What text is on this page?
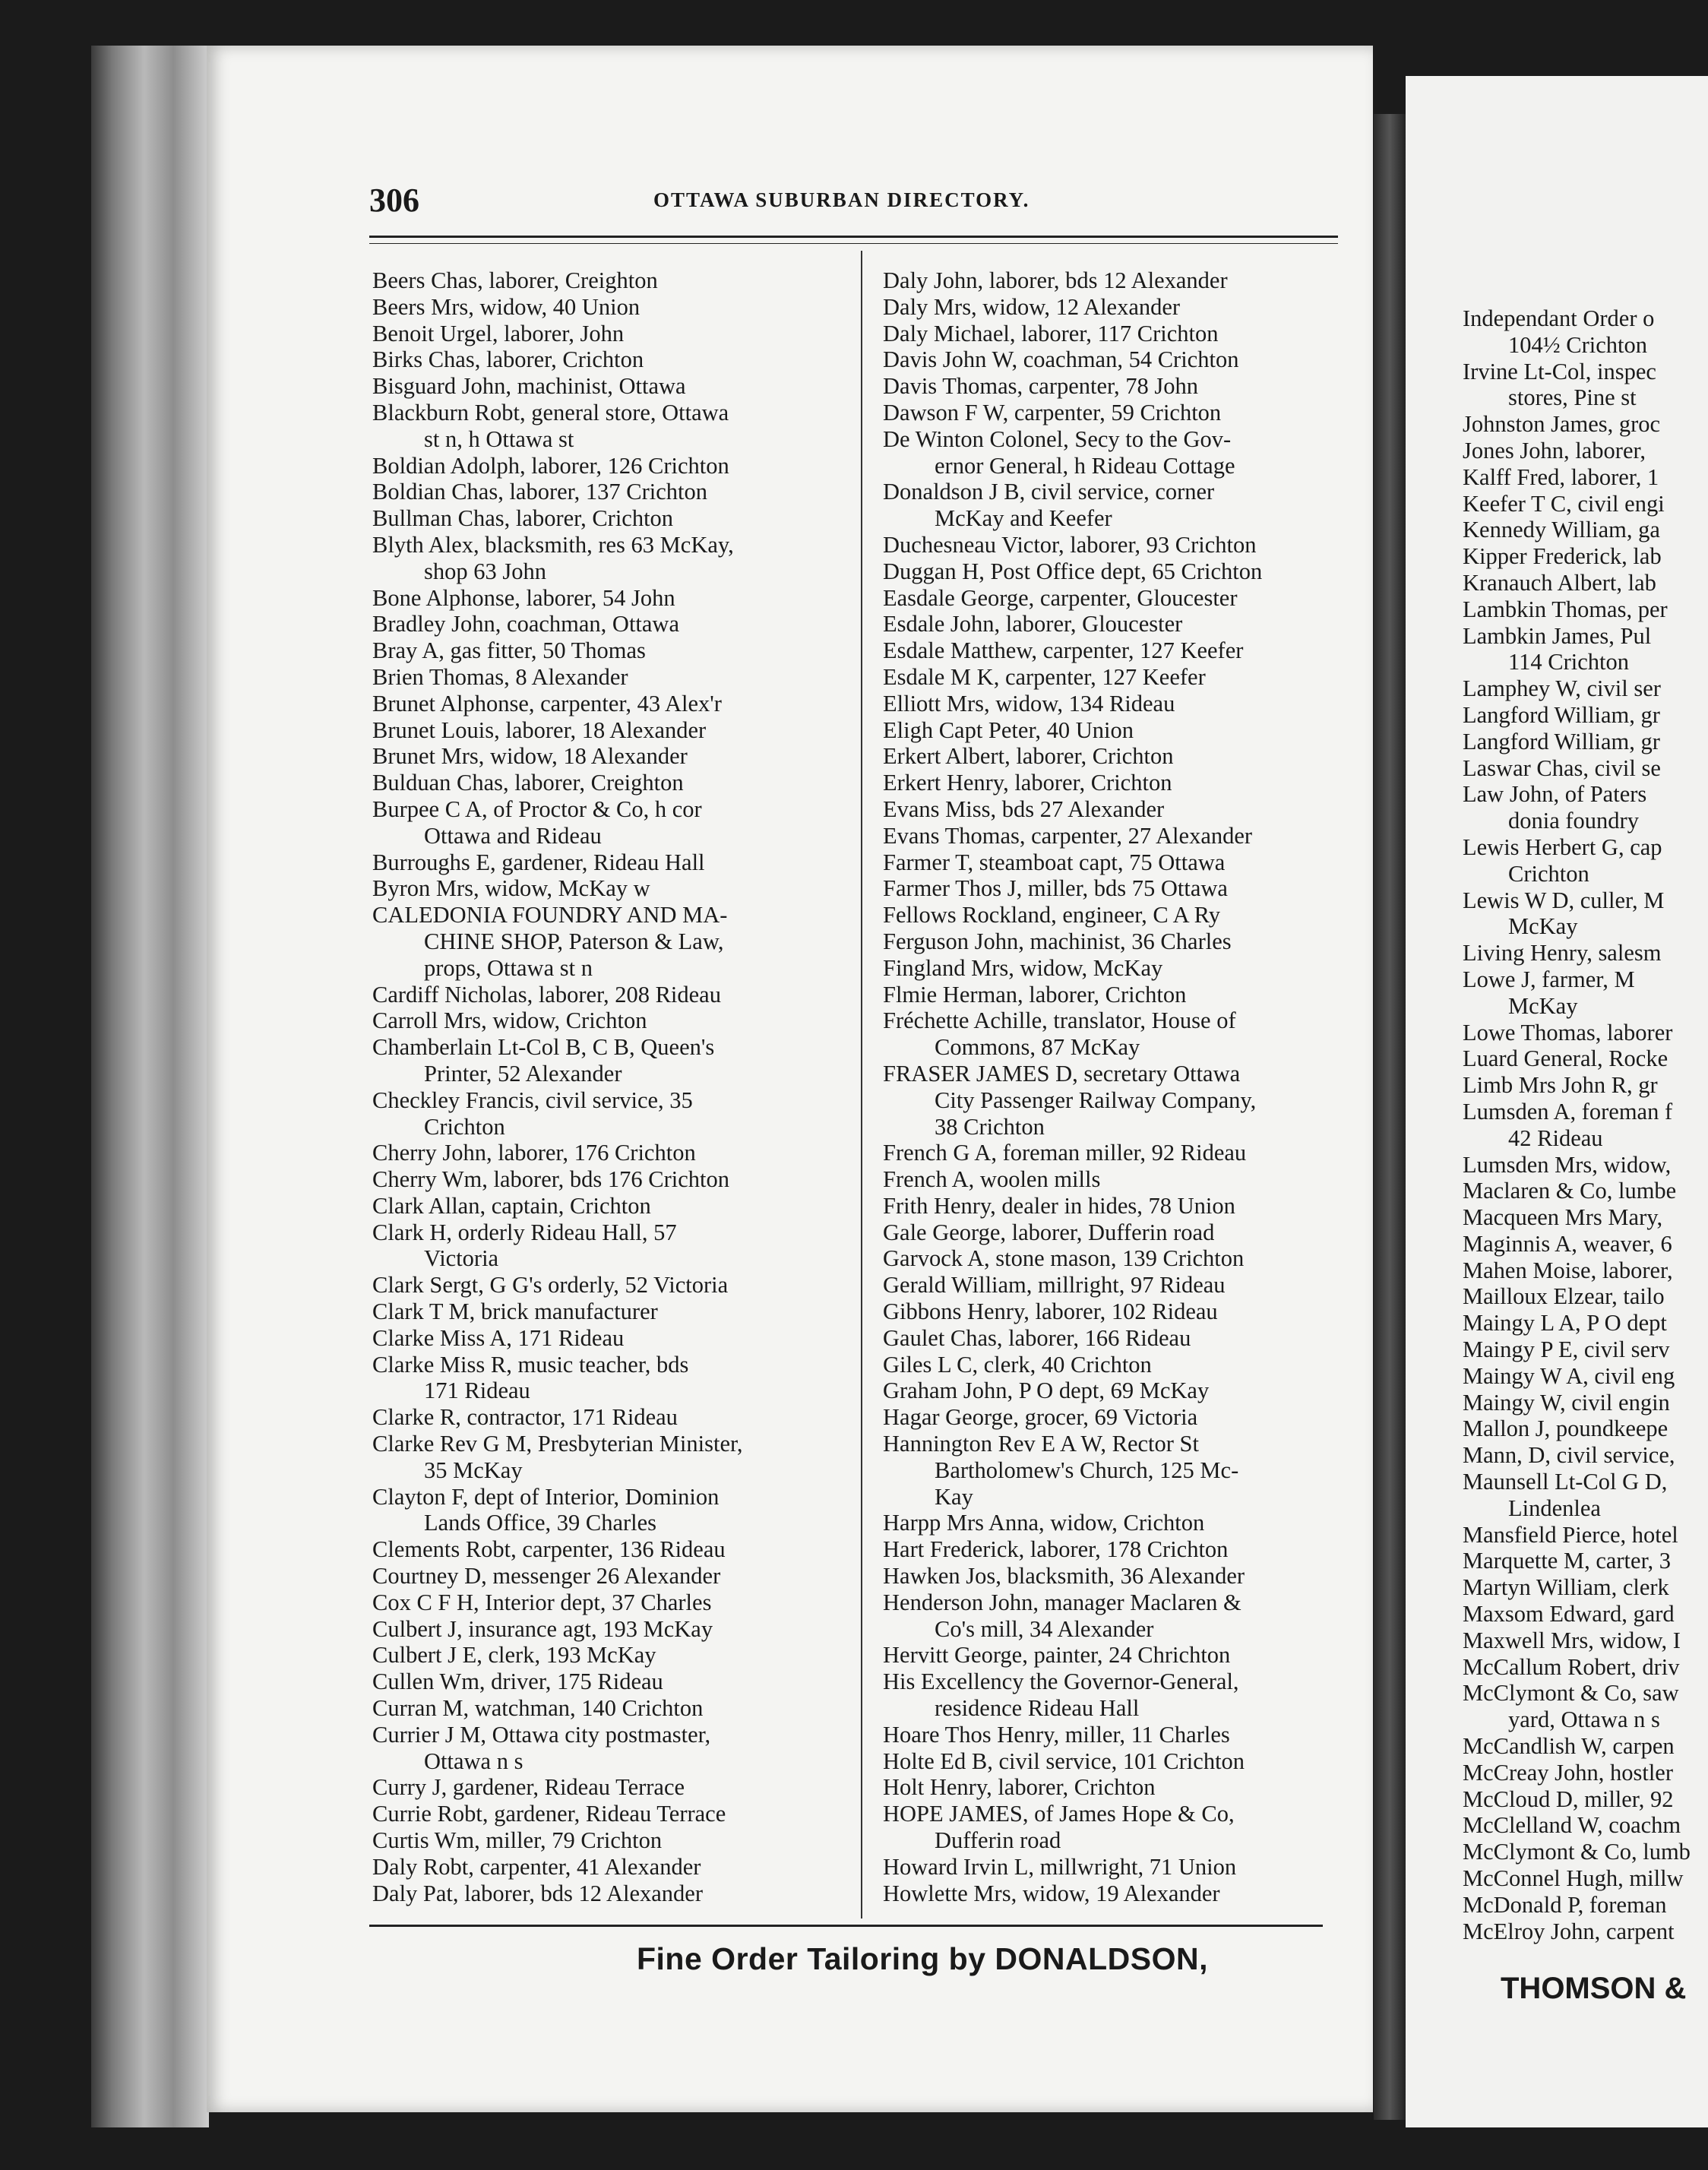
306	OTTAWA SUBURBAN DIRECTORY.
Beers Chas, laborer, Creighton
Beers Mrs, widow, 40 Union
Benoit Urgel, laborer, John
Birks Chas, laborer, Crichton
Bisguard John, machinist, Ottawa
Blackburn Robt, general store, Ottawa
st n, h Ottawa st
Boldian Adolph, laborer, 126 Crichton
Boldian Chas, laborer, 137 Crichton
Bullman Chas, laborer, Crichton
Blyth Alex, blacksmith, res 63 McKay,
shop 63 John
Bone Alphonse, laborer, 54 John
Bradley John, coachman, Ottawa
Bray A, gas fitter, 50 Thomas
Brien Thomas, 8 Alexander
Brunet Alphonse, carpenter, 43 Alex'r
Brunet Louis, laborer, 18 Alexander
Brunet Mrs, widow, 18 Alexander
Bulduan Chas, laborer, Creighton
Burpee C A, of Proctor & Co, h cor
Ottawa and Rideau
Burroughs E, gardener, Rideau Hall
Byron Mrs, widow, McKay w
CALEDONIA FOUNDRY AND MA-
CHINE SHOP, Paterson & Law,
props, Ottawa st n
Cardiff Nicholas, laborer, 208 Rideau
Carroll Mrs, widow, Crichton
Chamberlain Lt-Col B, C B, Queen's
Printer, 52 Alexander
Checkley Francis, civil service, 35
Crichton
Cherry John, laborer, 176 Crichton
Cherry Wm, laborer, bds 176 Crichton
Clark Allan, captain, Crichton
Clark H, orderly Rideau Hall, 57
Victoria
Clark Sergt, G G's orderly, 52 Victoria
Clark T M, brick manufacturer
Clarke Miss A, 171 Rideau
Clarke Miss R, music teacher, bds
171 Rideau
Clarke R, contractor, 171 Rideau
Clarke Rev G M, Presbyterian Minister,
35 McKay
Clayton F, dept of Interior, Dominion
Lands Office, 39 Charles
Clements Robt, carpenter, 136 Rideau
Courtney D, messenger 26 Alexander
Cox C F H, Interior dept, 37 Charles
Culbert J, insurance agt, 193 McKay
Culbert J E, clerk, 193 McKay
Cullen Wm, driver, 175 Rideau
Curran M, watchman, 140 Crichton
Currier J M, Ottawa city postmaster,
Ottawa n s
Curry J, gardener, Rideau Terrace
Currie Robt, gardener, Rideau Terrace
Curtis Wm, miller, 79 Crichton
Daly Robt, carpenter, 41 Alexander
Daly Pat, laborer, bds 12 Alexander
Daly John, laborer, bds 12 Alexander
Daly Mrs, widow, 12 Alexander
Daly Michael, laborer, 117 Crichton
Davis John W, coachman, 54 Crichton
Davis Thomas, carpenter, 78 John
Dawson F W, carpenter, 59 Crichton
De Winton Colonel, Secy to the Gov-
ernor General, h Rideau Cottage
Donaldson J B, civil service, corner
McKay and Keefer
Duchesneau Victor, laborer, 93 Crichton
Duggan H, Post Office dept, 65 Crichton
Easdale George, carpenter, Gloucester
Esdale John, laborer, Gloucester
Esdale Matthew, carpenter, 127 Keefer
Esdale M K, carpenter, 127 Keefer
Elliott Mrs, widow, 134 Rideau
Eligh Capt Peter, 40 Union
Erkert Albert, laborer, Crichton
Erkert Henry, laborer, Crichton
Evans Miss, bds 27 Alexander
Evans Thomas, carpenter, 27 Alexander
Farmer T, steamboat capt, 75 Ottawa
Farmer Thos J, miller, bds 75 Ottawa
Fellows Rockland, engineer, C A Ry
Ferguson John, machinist, 36 Charles
Fingland Mrs, widow, McKay
Flmie Herman, laborer, Crichton
Fréchette Achille, translator, House of
Commons, 87 McKay
FRASER JAMES D, secretary Ottawa
City Passenger Railway Company,
38 Crichton
French G A, foreman miller, 92 Rideau
French A, woolen mills
Frith Henry, dealer in hides, 78 Union
Gale George, laborer, Dufferin road
Garvock A, stone mason, 139 Crichton
Gerald William, millright, 97 Rideau
Gibbons Henry, laborer, 102 Rideau
Gaulet Chas, laborer, 166 Rideau
Giles L C, clerk, 40 Crichton
Graham John, P O dept, 69 McKay
Hagar George, grocer, 69 Victoria
Hannington Rev E A W, Rector St
Bartholomew's Church, 125 Mc-
Kay
Harpp Mrs Anna, widow, Crichton
Hart Frederick, laborer, 178 Crichton
Hawken Jos, blacksmith, 36 Alexander
Henderson John, manager Maclaren &
Co's mill, 34 Alexander
Hervitt George, painter, 24 Chrichton
His Excellency the Governor-General,
residence Rideau Hall
Hoare Thos Henry, miller, 11 Charles
Holte Ed B, civil service, 101 Crichton
Holt Henry, laborer, Crichton
HOPE JAMES, of James Hope & Co,
Dufferin road
Howard Irvin L, millwright, 71 Union
Howlette Mrs, widow, 19 Alexander
Fine Order Tailoring by DONALDSON,
Independant Order o
104½ Crichton
Irvine Lt-Col, inspec
stores, Pine st
Johnston James, groc
Jones John, laborer,
Kalff Fred, laborer, 1
Keefer T C, civil engi
Kennedy William, ga
Kipper Frederick, lab
Kranauch Albert, lab
Lambkin Thomas, per
Lambkin James, Pul
114 Crichton
Lamphey W, civil ser
Langford William, gr
Langford William, gr
Laswar Chas, civil se
Law John, of Paters
donia foundry
Lewis Herbert G, cap
Crichton
Lewis W D, culler, M
McKay
Living Henry, salesm
Lowe J, farmer, M
McKay
Lowe Thomas, laborer
Luard General, Rocke
Limb Mrs John R, gr
Lumsden A, foreman f
42 Rideau
Lumsden Mrs, widow,
Maclaren & Co, lumbe
Macqueen Mrs Mary,
Maginnis A, weaver, 6
Mahen Moise, laborer,
Mailloux Elzear, tailo
Maingy L A, P O dept
Maingy P E, civil serv
Maingy W A, civil eng
Maingy W, civil engin
Mallon J, poundkeepe
Mann, D, civil service,
Maunsell Lt-Col G D,
Lindenlea
Mansfield Pierce, hotel
Marquette M, carter, 3
Martyn William, clerk
Maxsom Edward, gard
Maxwell Mrs, widow, I
McCallum Robert, driv
McClymont & Co, saw
yard, Ottawa n s
McCandlish W, carpen
McCreay John, hostler
McCloud D, miller, 92
McClelland W, coachm
McClymont & Co, lumb
McConnel Hugh, millw
McDonald P, foreman
McElroy John, carpent
THOMSON &
